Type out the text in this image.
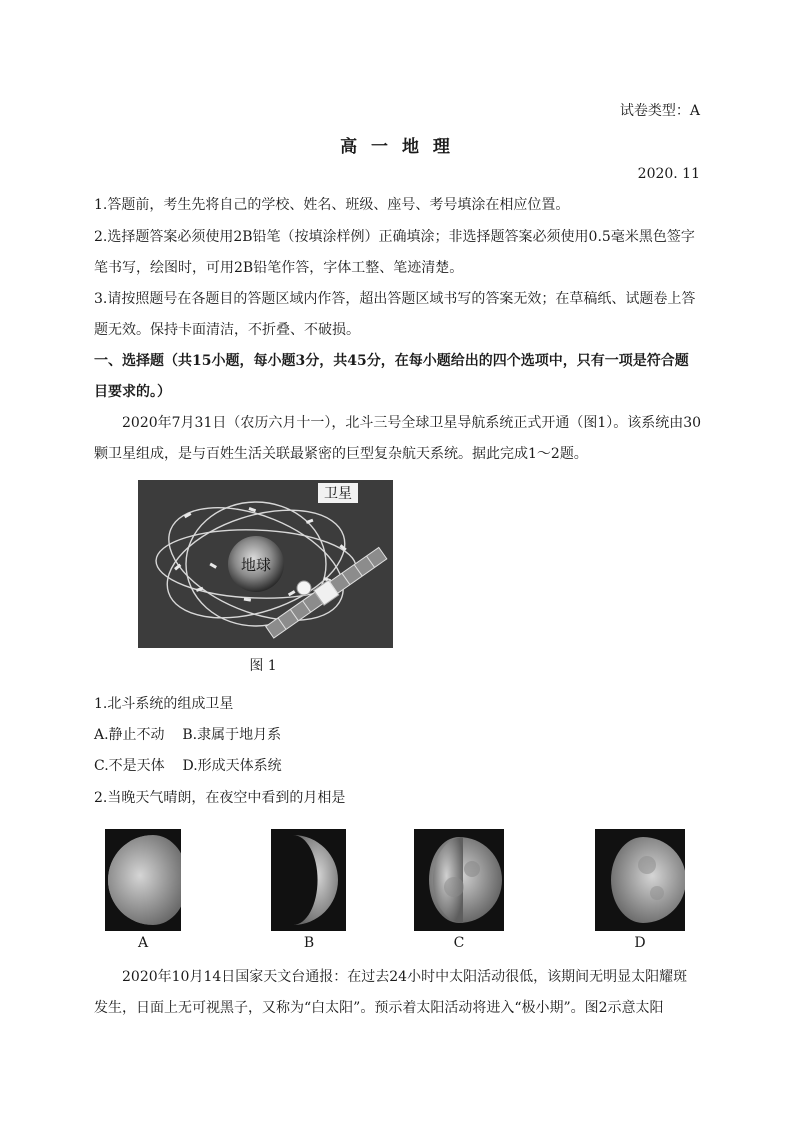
试卷类型：A
高 一 地 理
2020. 11
1.答题前，考生先将自己的学校、姓名、班级、座号、考号填涂在相应位置。
2.选择题答案必须使用2B铅笔（按填涂样例）正确填涂；非选择题答案必须使用0.5毫米黑色签字
笔书写，绘图时，可用2B铅笔作答，字体工整、笔迹清楚。
3.请按照题号在各题目的答题区域内作答，超出答题区域书写的答案无效；在草稿纸、试题卷上答
题无效。保持卡面清洁，不折叠、不破损。
一、选择题（共15小题，每小题3分，共45分，在每小题给出的四个选项中，只有一项是符合题
目要求的。）
2020年7月31日（农历六月十一），北斗三号全球卫星导航系统正式开通（图1）。该系统由30
颗卫星组成，是与百姓生活关联最紧密的巨型复杂航天系统。据此完成1～2题。
地球
卫星
图 1
1.北斗系统的组成卫星
A.静止不动    B.隶属于地月系
C.不是天体    D.形成天体系统
2.当晚天气晴朗，在夜空中看到的月相是
A	B	C	D
2020年10月14日国家天文台通报：在过去24小时中太阳活动很低，该期间无明显太阳耀斑
发生，日面上无可视黑子，又称为“白太阳”。预示着太阳活动将进入“极小期”。图2示意太阳
